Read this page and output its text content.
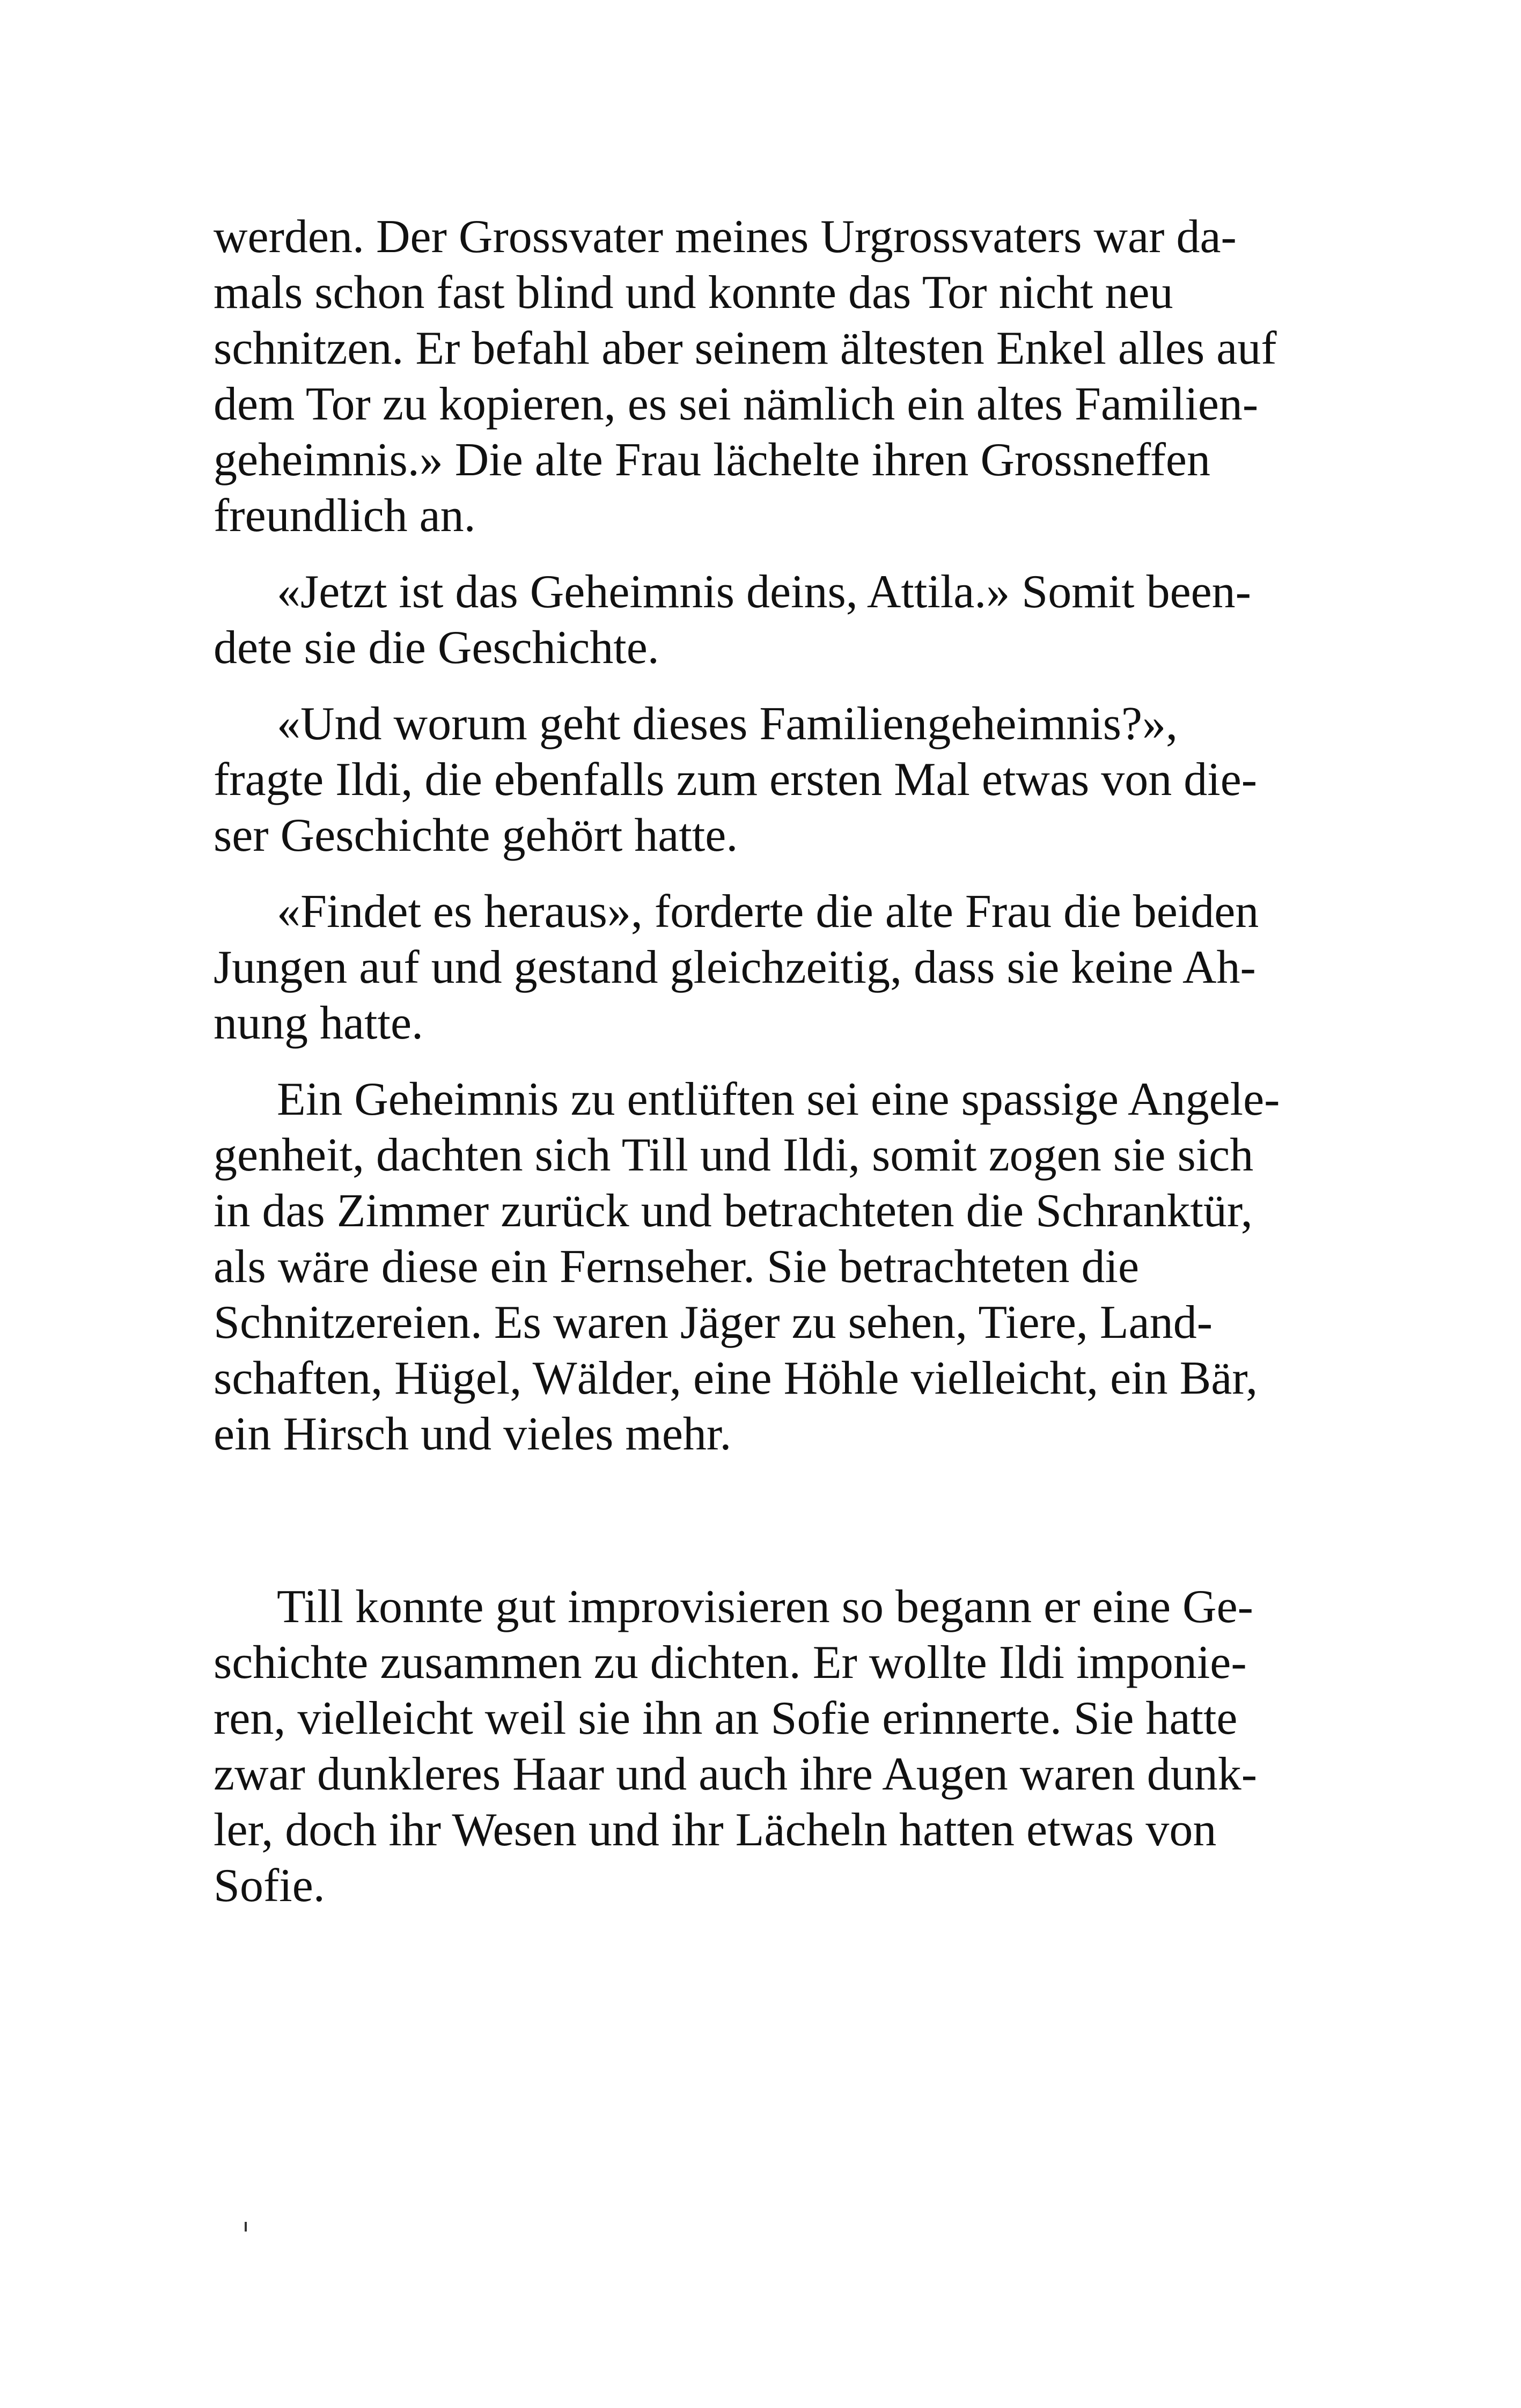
werden. Der Grossvater meines Urgrossvaters war da-
mals schon fast blind und konnte das Tor nicht neu
schnitzen. Er befahl aber seinem ältesten Enkel alles auf
dem Tor zu kopieren, es sei nämlich ein altes Familien-
geheimnis.» Die alte Frau lächelte ihren Grossneffen
freundlich an.

«Jetzt ist das Geheimnis deins, Attila.» Somit been-
dete sie die Geschichte.

«Und worum geht dieses Familiengeheimnis?»,
fragte Ildi, die ebenfalls zum ersten Mal etwas von die-
ser Geschichte gehört hatte.

«Findet es heraus», forderte die alte Frau die beiden
Jungen auf und gestand gleichzeitig, dass sie keine Ah-
nung hatte.

Ein Geheimnis zu entlüften sei eine spassige Angele-
genheit, dachten sich Till und Ildi, somit zogen sie sich
in das Zimmer zurück und betrachteten die Schranktür,
als wäre diese ein Fernseher. Sie betrachteten die
Schnitzereien. Es waren Jäger zu sehen, Tiere, Land-
schaften, Hügel, Wälder, eine Höhle vielleicht, ein Bär,
ein Hirsch und vieles mehr.

Till konnte gut improvisieren so begann er eine Ge-
schichte zusammen zu dichten. Er wollte Ildi imponie-
ren, vielleicht weil sie ihn an Sofie erinnerte. Sie hatte
zwar dunkleres Haar und auch ihre Augen waren dunk-
ler, doch ihr Wesen und ihr Lächeln hatten etwas von
Sofie.
